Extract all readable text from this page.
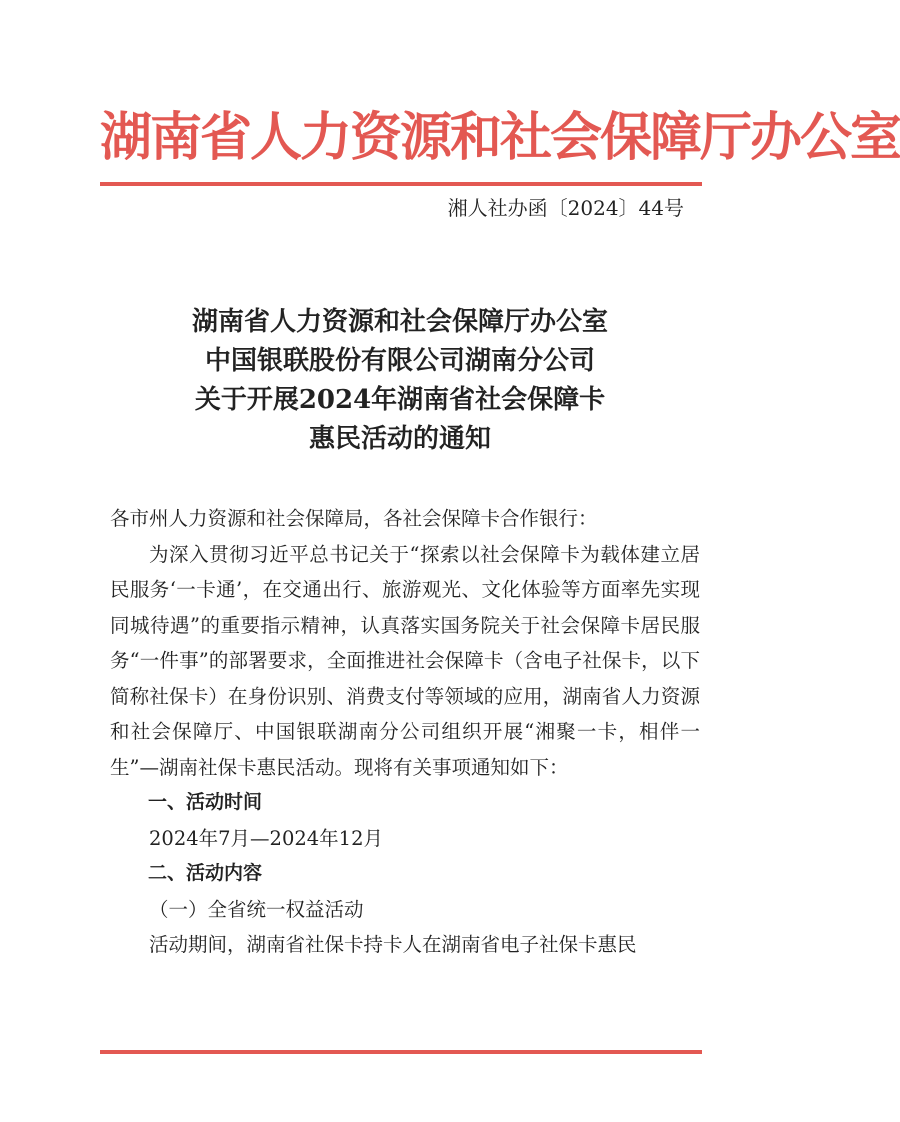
湖南省人力资源和社会保障厅办公室
湘人社办函〔2024〕44号
湖南省人力资源和社会保障厅办公室
中国银联股份有限公司湖南分公司
关于开展2024年湖南省社会保障卡
惠民活动的通知

各市州人力资源和社会保障局，各社会保障卡合作银行：

为深入贯彻习近平总书记关于“探索以社会保障卡为载体建立居民服务‘一卡通’，在交通出行、旅游观光、文化体验等方面率先实现同城待遇”的重要指示精神，认真落实国务院关于社会保障卡居民服务“一件事”的部署要求，全面推进社会保障卡（含电子社保卡，以下简称社保卡）在身份识别、消费支付等领域的应用，湖南省人力资源和社会保障厅、中国银联湖南分公司组织开展“湘聚一卡，相伴一生”—湖南社保卡惠民活动。现将有关事项通知如下：

一、活动时间

2024年7月—2024年12月

二、活动内容

（一）全省统一权益活动

活动期间，湖南省社保卡持卡人在湖南省电子社保卡惠民
